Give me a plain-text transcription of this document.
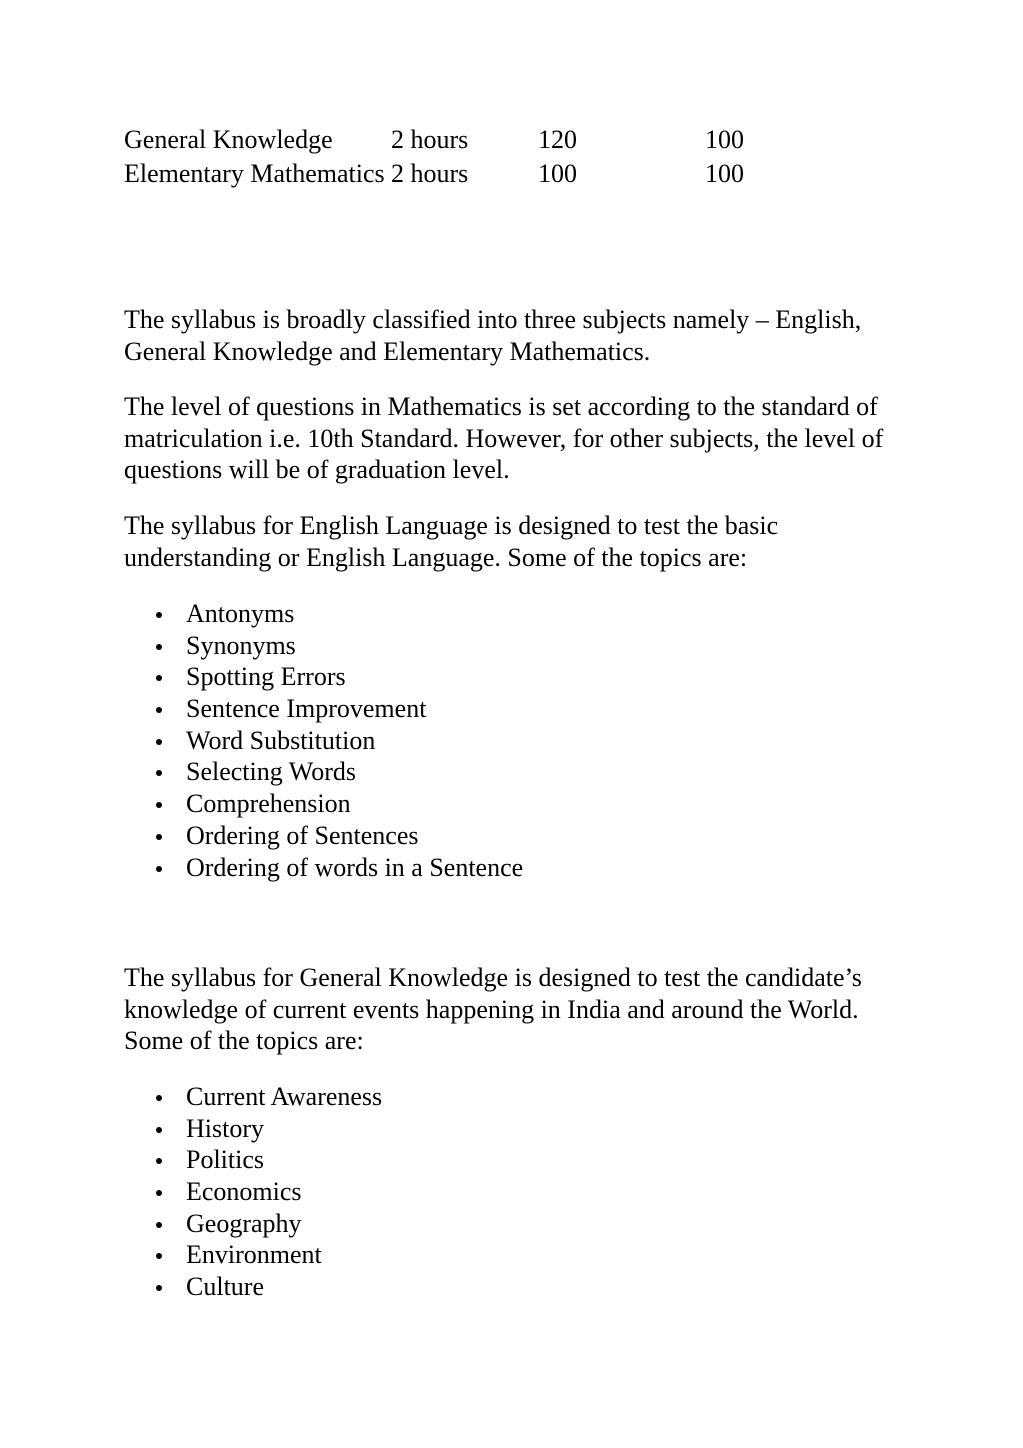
General Knowledge	2 hours	120	100
Elementary Mathematics	2 hours	100	100

The syllabus is broadly classified into three subjects namely – English, General Knowledge and Elementary Mathematics.

The level of questions in Mathematics is set according to the standard of matriculation i.e. 10th Standard. However, for other subjects, the level of questions will be of graduation level.

The syllabus for English Language is designed to test the basic understanding or English Language. Some of the topics are:

Antonyms
Synonyms
Spotting Errors
Sentence Improvement
Word Substitution
Selecting Words
Comprehension
Ordering of Sentences
Ordering of words in a Sentence

The syllabus for General Knowledge is designed to test the candidate’s knowledge of current events happening in India and around the World. Some of the topics are:

Current Awareness
History
Politics
Economics
Geography
Environment
Culture
